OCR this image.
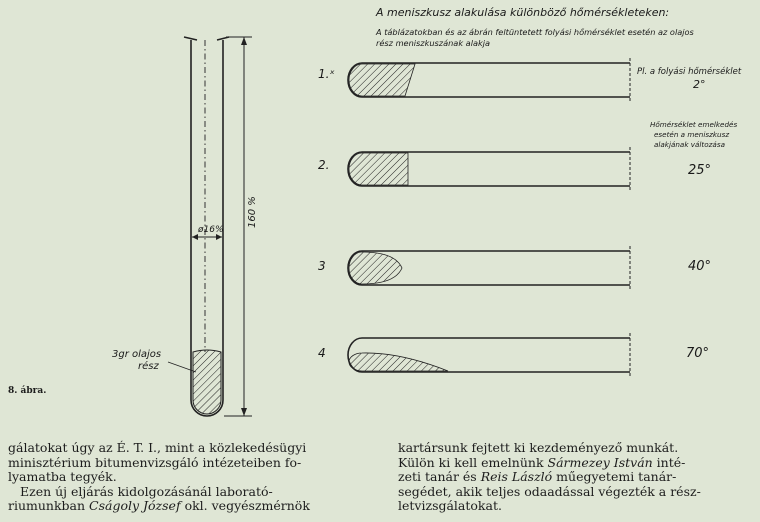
ø16%
160 %
3gr olajos
rész
8. ábra.
A meniszkusz alakulása különböző hőmérsékleteken:
A táblázatokban és az ábrán feltüntetett folyási hőmérséklet esetén az olajos
rész meniszkuszának alakja
Pl. a folyási hőmérséklet
Hőmérséklet emelkedés
esetén a meniszkusz
alakjának változása
1.ˣ
2.
3
4
2°
25°
40°
70°

gálatokat úgy az É. T. I., mint a közlekedésügyi

minisztérium bitumenvizsgáló intézeteiben fo-

lyamatba tegyék.

Ezen új eljárás kidolgozásánál laborató-

riumunkban Cságoly József okl. vegyészmérnök

kartársunk fejtett ki kezdeményező munkát.

Külön ki kell emelnünk Sármezey István inté-

zeti tanár és Reis László műegyetemi tanár-

segédet, akik teljes odaadással végezték a rész-

letvizsgálatokat.
